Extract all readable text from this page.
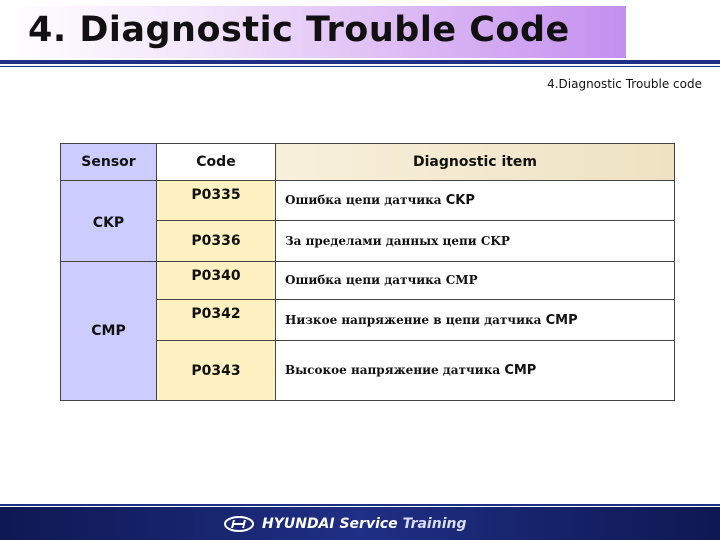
4. Diagnostic Trouble Code
4.Diagnostic Trouble code
Sensor	Code	Diagnostic item
CKP	P0335	Ошибка цепи датчика CKP
	P0336	За пределами данных цепи CKP
CMP	P0340	Ошибка цепи датчика CMP
	P0342	Низкое напряжение в цепи датчика CMP
	P0343	Высокое напряжение датчика CMP
HYUNDAI Service Training
